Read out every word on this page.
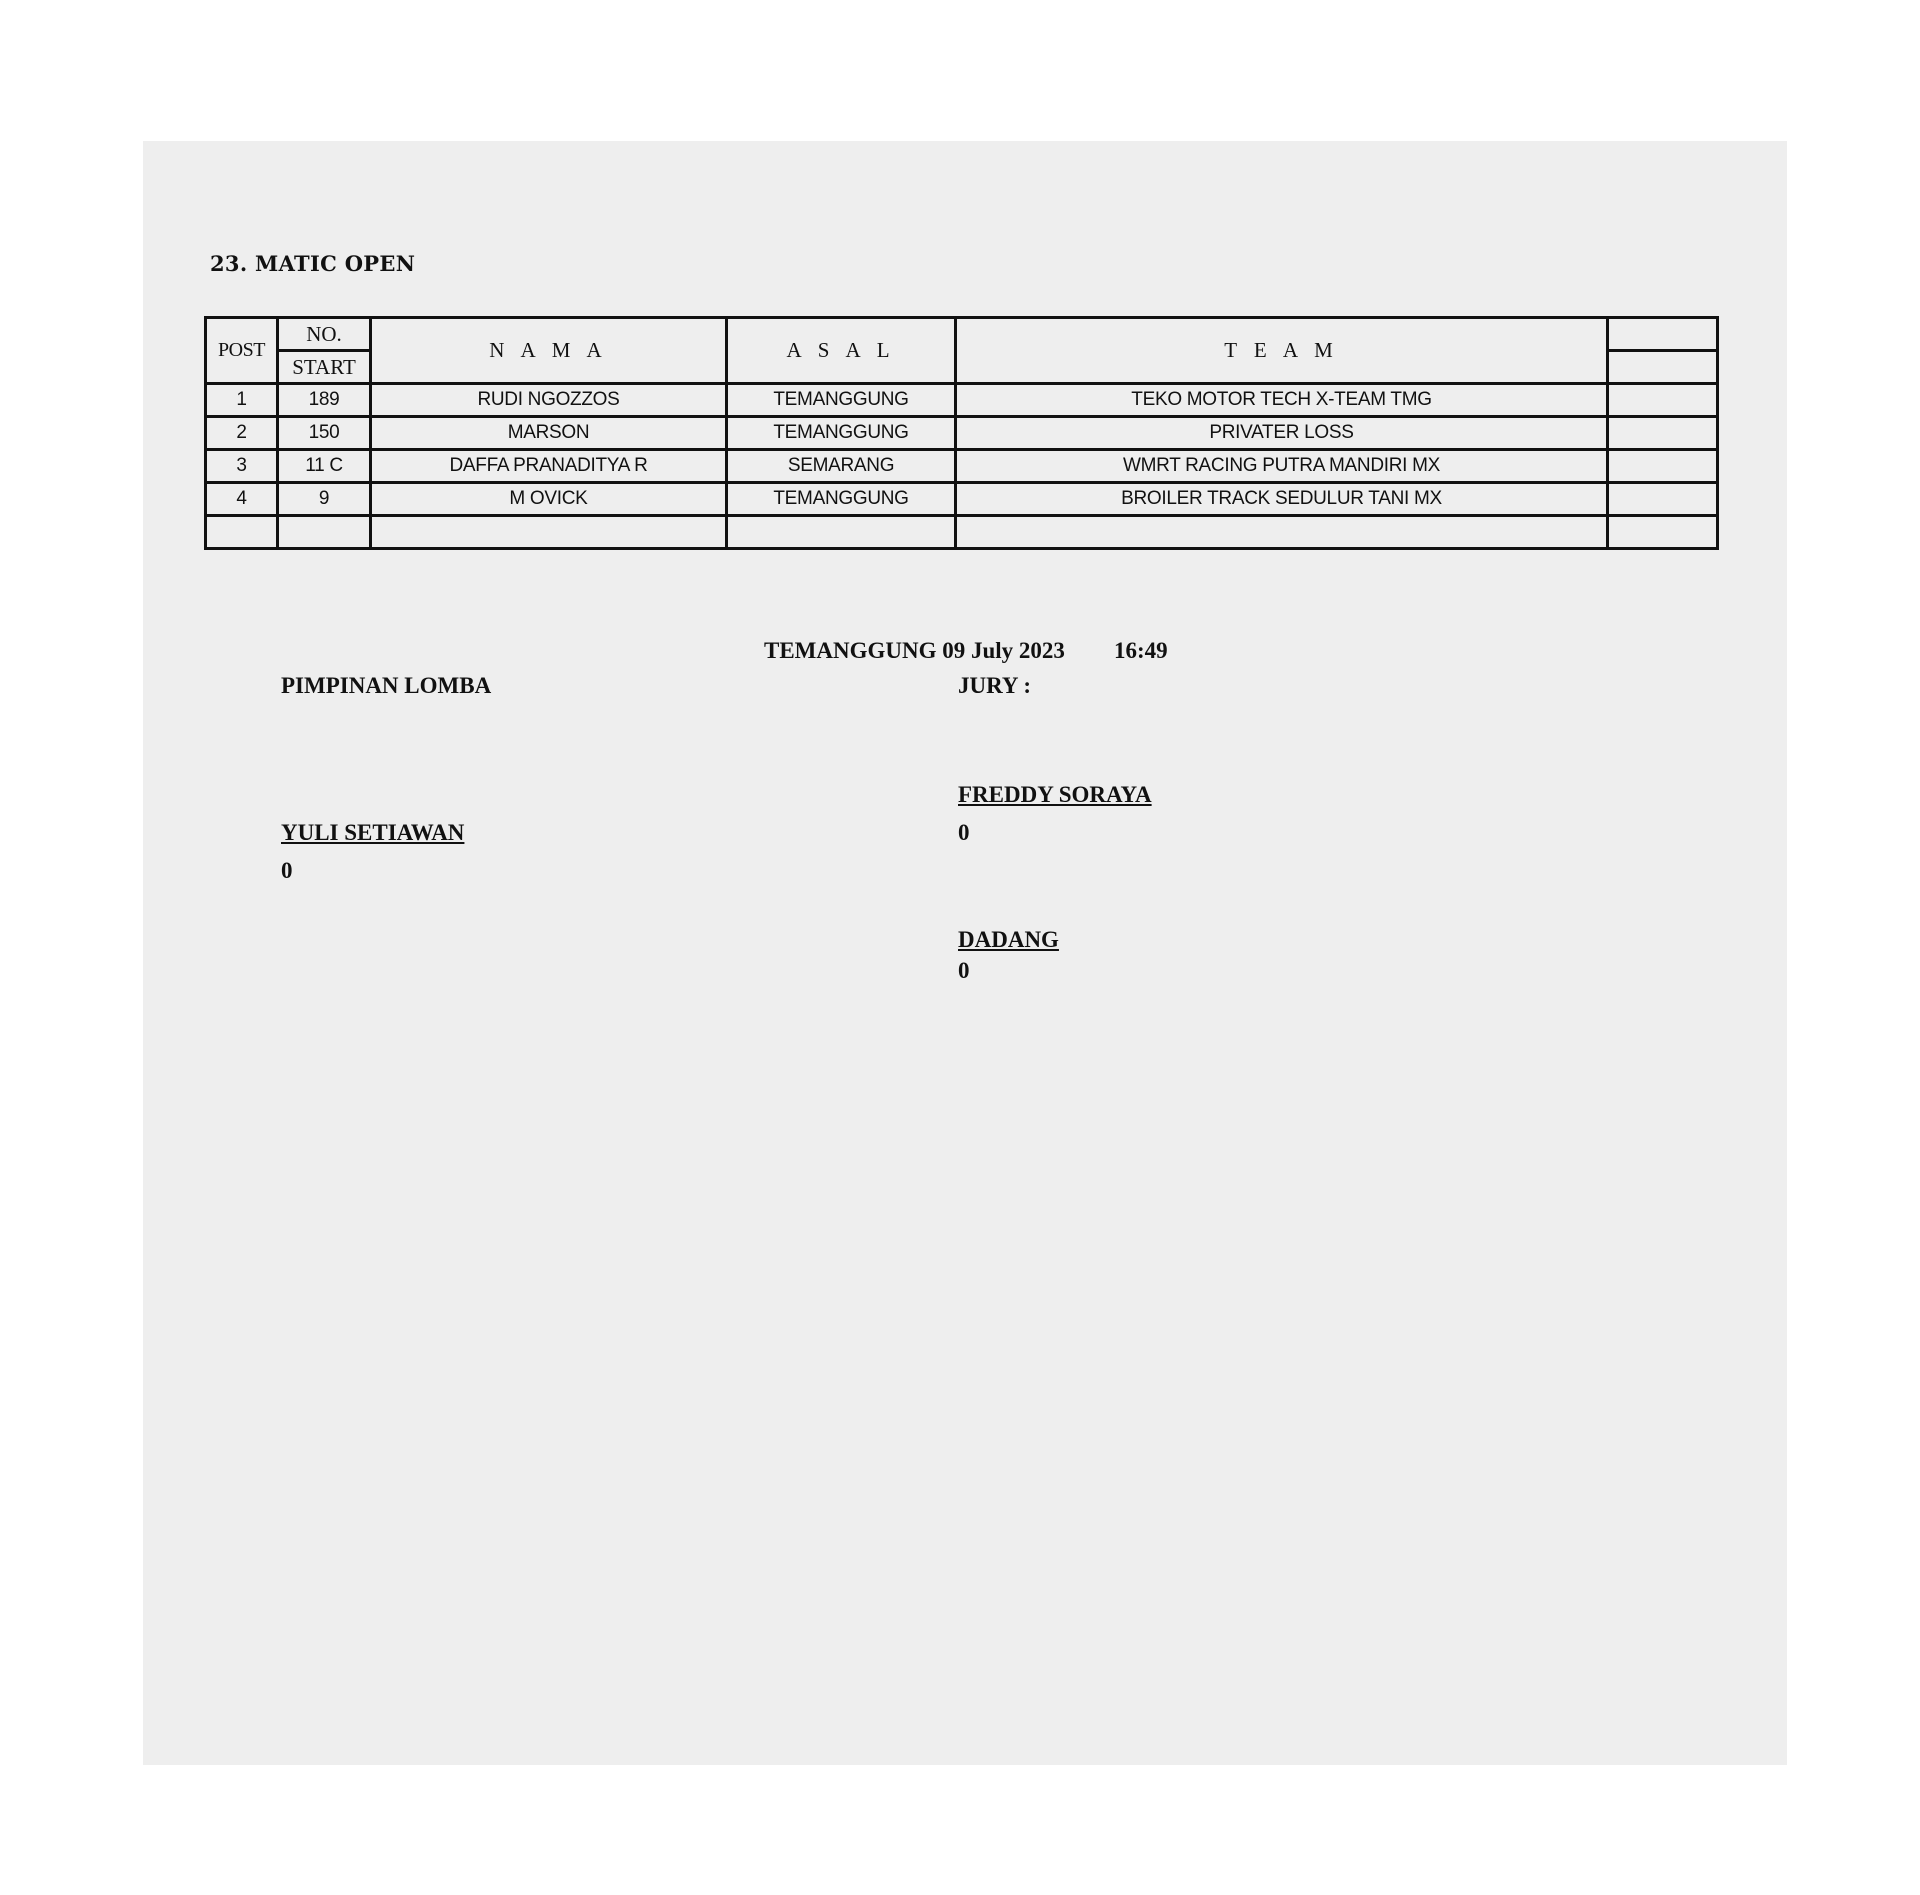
23. MATIC OPEN
POST	NO.	N A M A	A S A L	T E A M	
	START				
1	189	RUDI NGOZZOS	TEMANGGUNG	TEKO MOTOR TECH X-TEAM TMG	
2	150	MARSON	TEMANGGUNG	PRIVATER LOSS	
3	11 C	DAFFA PRANADITYA R	SEMARANG	WMRT RACING PUTRA MANDIRI MX	
4	9	M OVICK	TEMANGGUNG	BROILER TRACK SEDULUR TANI MX	

TEMANGGUNG 09 July 2023 16:49
PIMPINAN LOMBA
YULI SETIAWAN
0
JURY :
FREDDY SORAYA
0
DADANG
0
